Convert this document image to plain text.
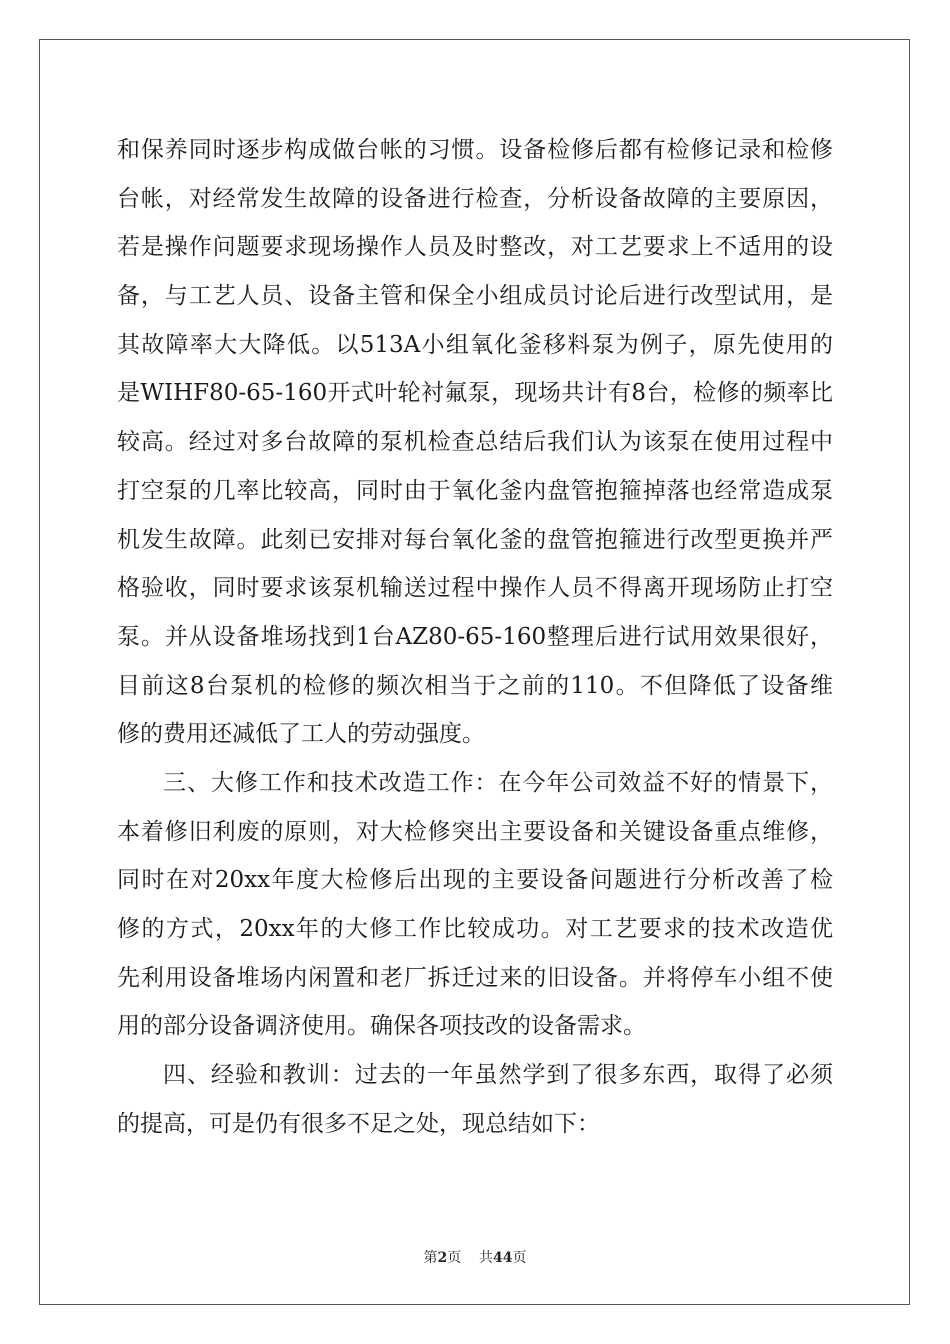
和保养同时逐步构成做台帐的习惯。设备检修后都有检修记录和检修
台帐，对经常发生故障的设备进行检查，分析设备故障的主要原因，
若是操作问题要求现场操作人员及时整改，对工艺要求上不适用的设
备，与工艺人员、设备主管和保全小组成员讨论后进行改型试用，是
其故障率大大降低。以513A小组氧化釜移料泵为例子，原先使用的
是WIHF80-65-160开式叶轮衬氟泵，现场共计有8台，检修的频率比
较高。经过对多台故障的泵机检查总结后我们认为该泵在使用过程中
打空泵的几率比较高，同时由于氧化釜内盘管抱箍掉落也经常造成泵
机发生故障。此刻已安排对每台氧化釜的盘管抱箍进行改型更换并严
格验收，同时要求该泵机输送过程中操作人员不得离开现场防止打空
泵。并从设备堆场找到1台AZ80-65-160整理后进行试用效果很好，
目前这8台泵机的检修的频次相当于之前的110。不但降低了设备维
修的费用还减低了工人的劳动强度。
三、大修工作和技术改造工作：在今年公司效益不好的情景下，
本着修旧利废的原则，对大检修突出主要设备和关键设备重点维修，
同时在对20xx年度大检修后出现的主要设备问题进行分析改善了检
修的方式，20xx年的大修工作比较成功。对工艺要求的技术改造优
先利用设备堆场内闲置和老厂拆迁过来的旧设备。并将停车小组不使
用的部分设备调济使用。确保各项技改的设备需求。
四、经验和教训：过去的一年虽然学到了很多东西，取得了必须
的提高，可是仍有很多不足之处，现总结如下：
第2页 共44页
